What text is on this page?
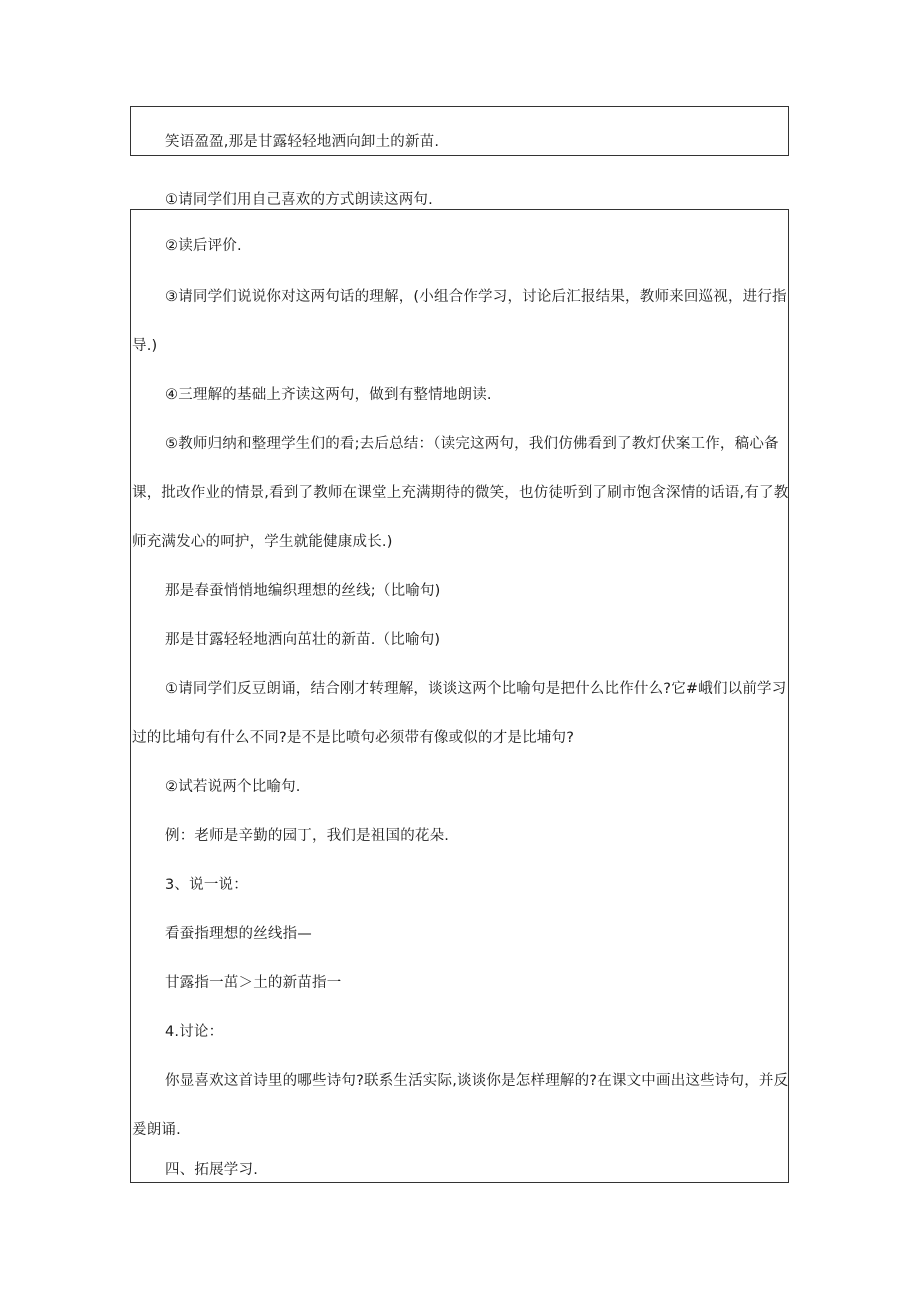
笑语盈盈,那是甘露轻轻地洒向卸土的新苗.
①请同学们用自己喜欢的方式朗读这两句.
②读后评价.
③请同学们说说你对这两句话的理解，(小组合作学习，讨论后汇报结果，教师来回巡视，进行指
导.)
④三理解的基础上齐读这两句，做到有整情地朗读.
⑤教师归纳和整理学生们的看;去后总结：（读完这两句，我们仿佛看到了教灯伏案工作，稿心备
课，批改作业的情景,看到了教师在课堂上充满期待的微笑，也仿徒听到了刷市饱含深情的话语,有了教
师充满发心的呵护，学生就能健康成长.)
那是春蚕悄悄地编织理想的丝线;（比喻句)
那是甘露轻轻地洒向茁壮的新苗.（比喻句)
①请同学们反豆朗诵，结合刚才转理解，谈谈这两个比喻句是把什么比作什么?它#峨们以前学习
过的比埔句有什么不同?是不是比喷句必须带有像或似的才是比埔句?
②试若说两个比喻句.
例：老师是辛勤的园丁，我们是祖国的花朵.
3、说一说：
看蚕指理想的丝线指—
甘露指一茁＞土的新苗指一
4.讨论：
你显喜欢这首诗里的哪些诗句?联系生活实际,谈谈你是怎样理解的?在课文中画出这些诗句，并反
爰朗诵.
四、拓展学习.
